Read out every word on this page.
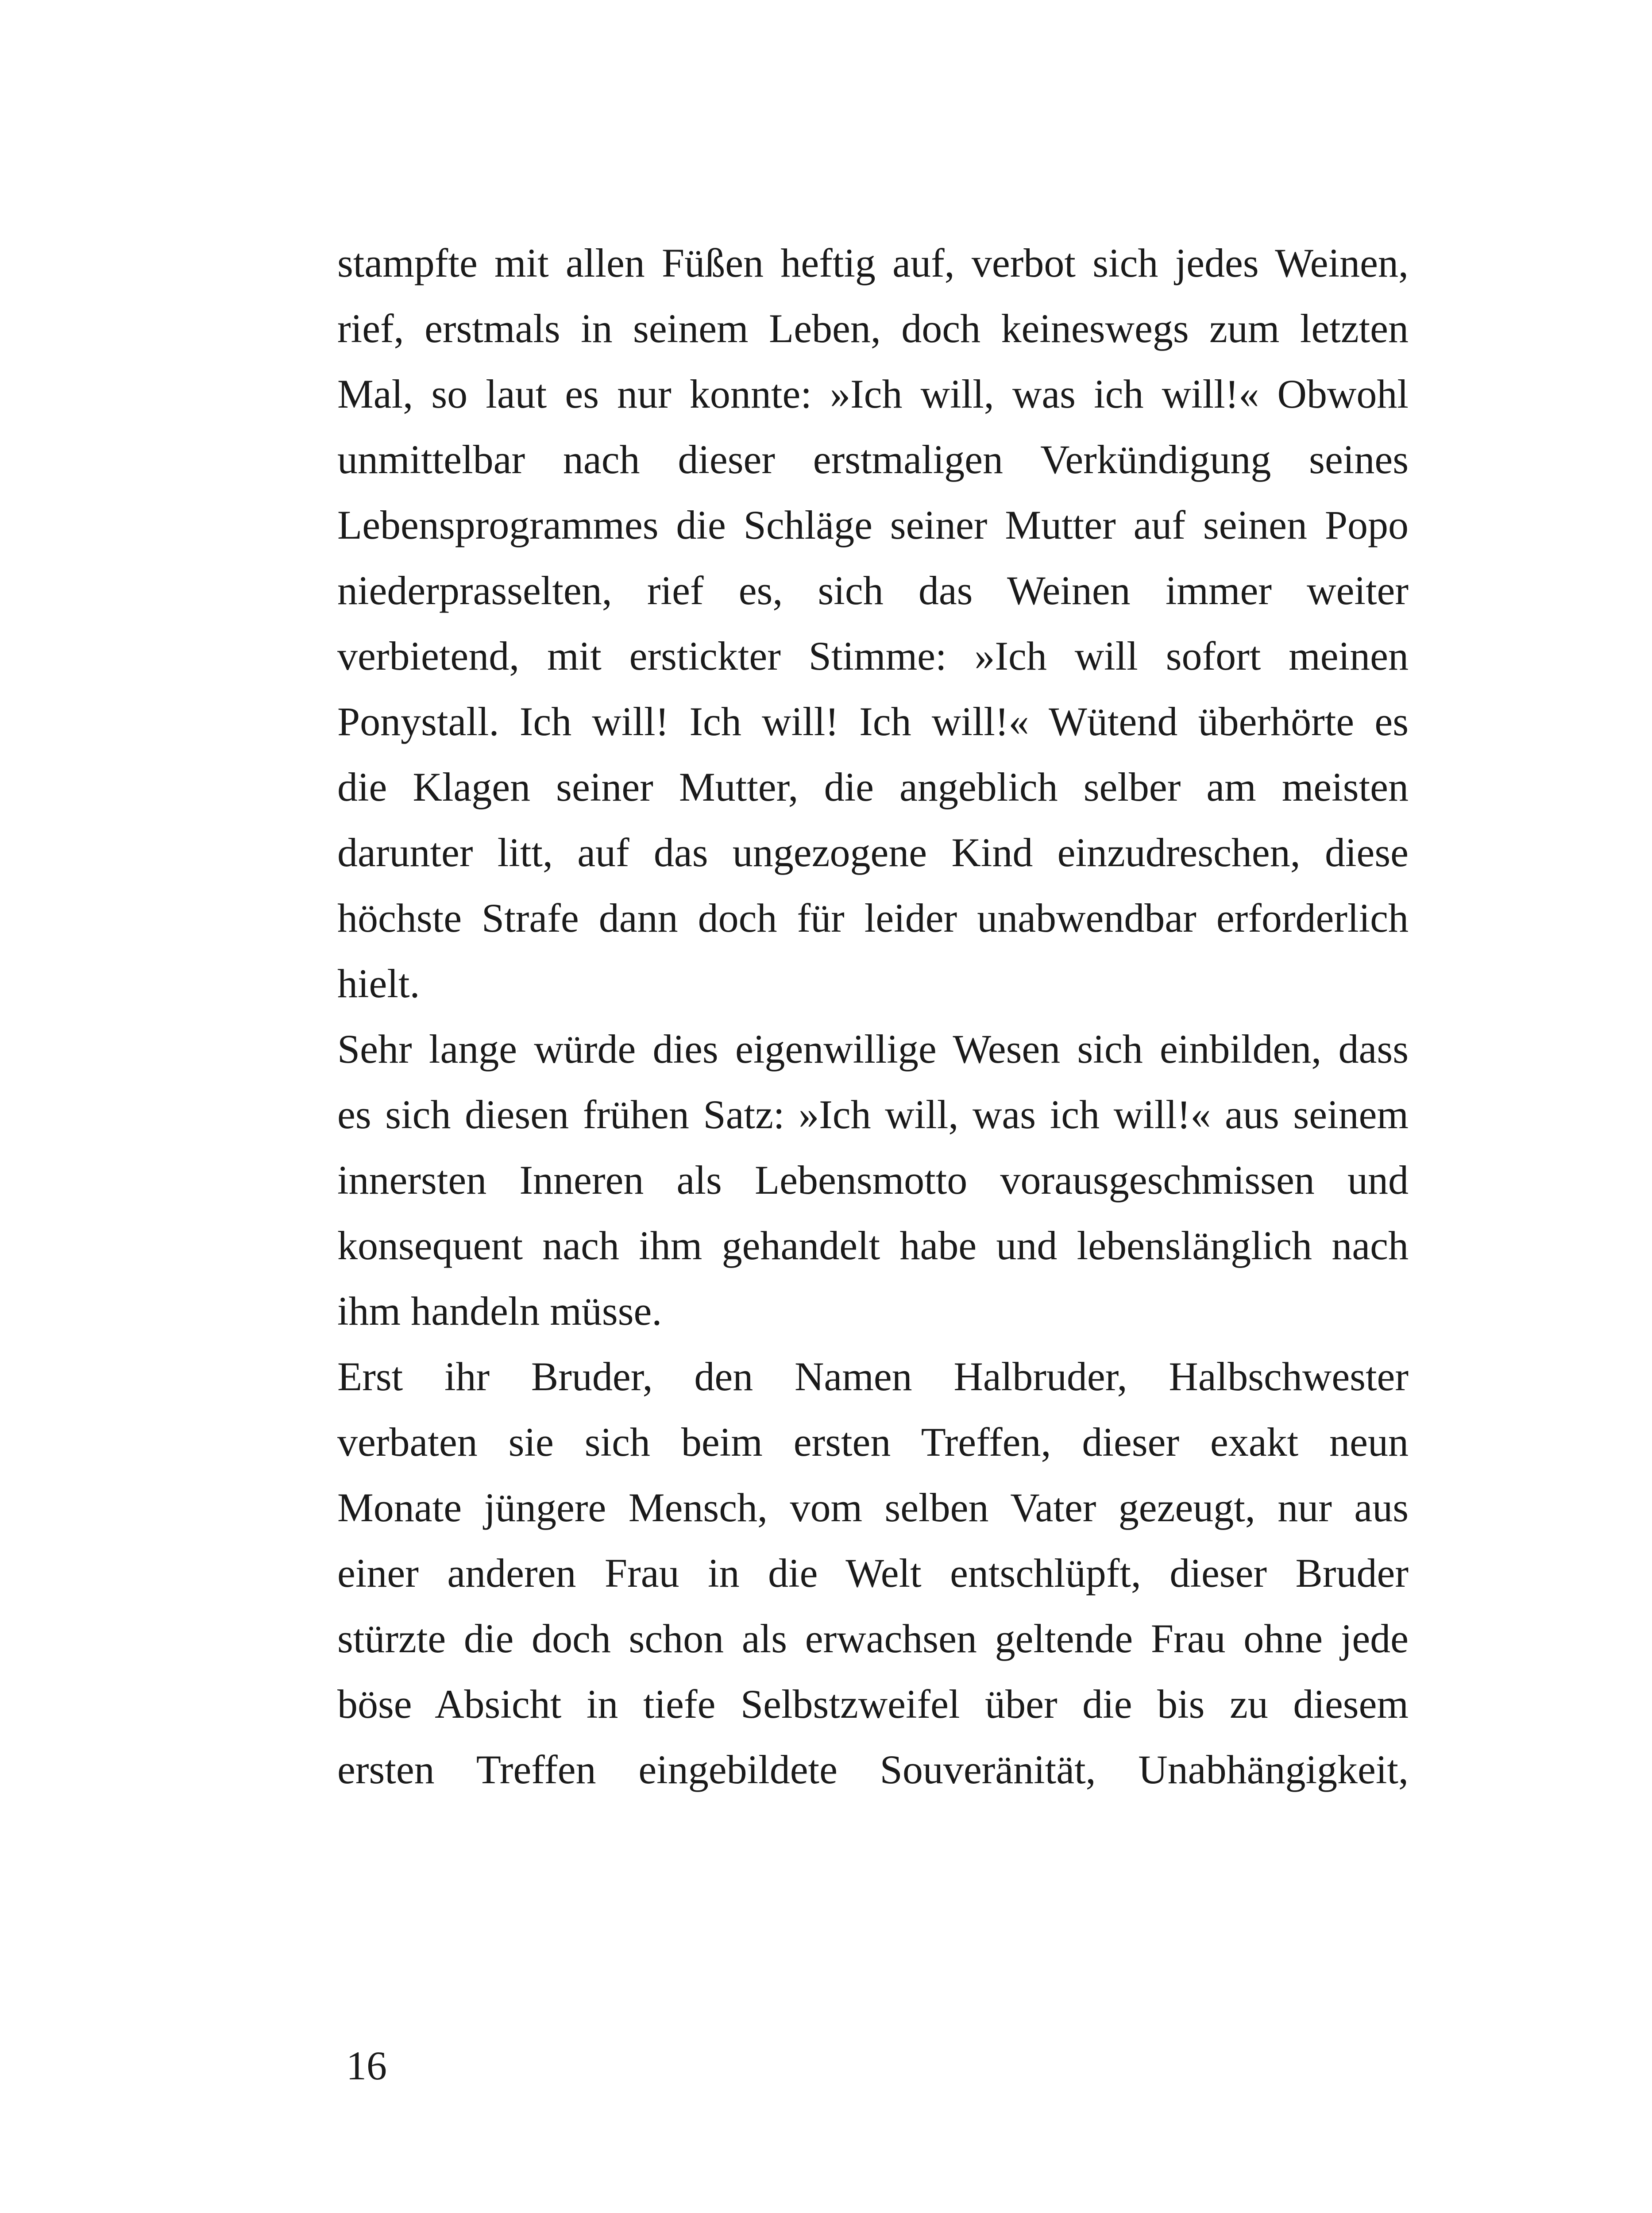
stampfte mit allen Füßen heftig auf, verbot sich jedes Weinen,
rief, erstmals in seinem Leben, doch keineswegs zum letzten
Mal, so laut es nur konnte: »Ich will, was ich will!« Obwohl
unmittelbar nach dieser erstmaligen Verkündigung seines
Lebensprogrammes die Schläge seiner Mutter auf seinen Popo
niederprasselten, rief es, sich das Weinen immer weiter
verbietend, mit erstickter Stimme: »Ich will sofort meinen
Ponystall. Ich will! Ich will! Ich will!« Wütend überhörte es
die Klagen seiner Mutter, die angeblich selber am meisten
darunter litt, auf das ungezogene Kind einzudreschen, diese
höchste Strafe dann doch für leider unabwendbar erforderlich
hielt.
Sehr lange würde dies eigenwillige Wesen sich einbilden, dass
es sich diesen frühen Satz: »Ich will, was ich will!« aus seinem
innersten Inneren als Lebensmotto vorausgeschmissen und
konsequent nach ihm gehandelt habe und lebenslänglich nach
ihm handeln müsse.
Erst ihr Bruder, den Namen Halbruder, Halbschwester
verbaten sie sich beim ersten Treffen, dieser exakt neun
Monate jüngere Mensch, vom selben Vater gezeugt, nur aus
einer anderen Frau in die Welt entschlüpft, dieser Bruder
stürzte die doch schon als erwachsen geltende Frau ohne jede
böse Absicht in tiefe Selbstzweifel über die bis zu diesem
ersten Treffen eingebildete Souveränität, Unabhängigkeit,
16
